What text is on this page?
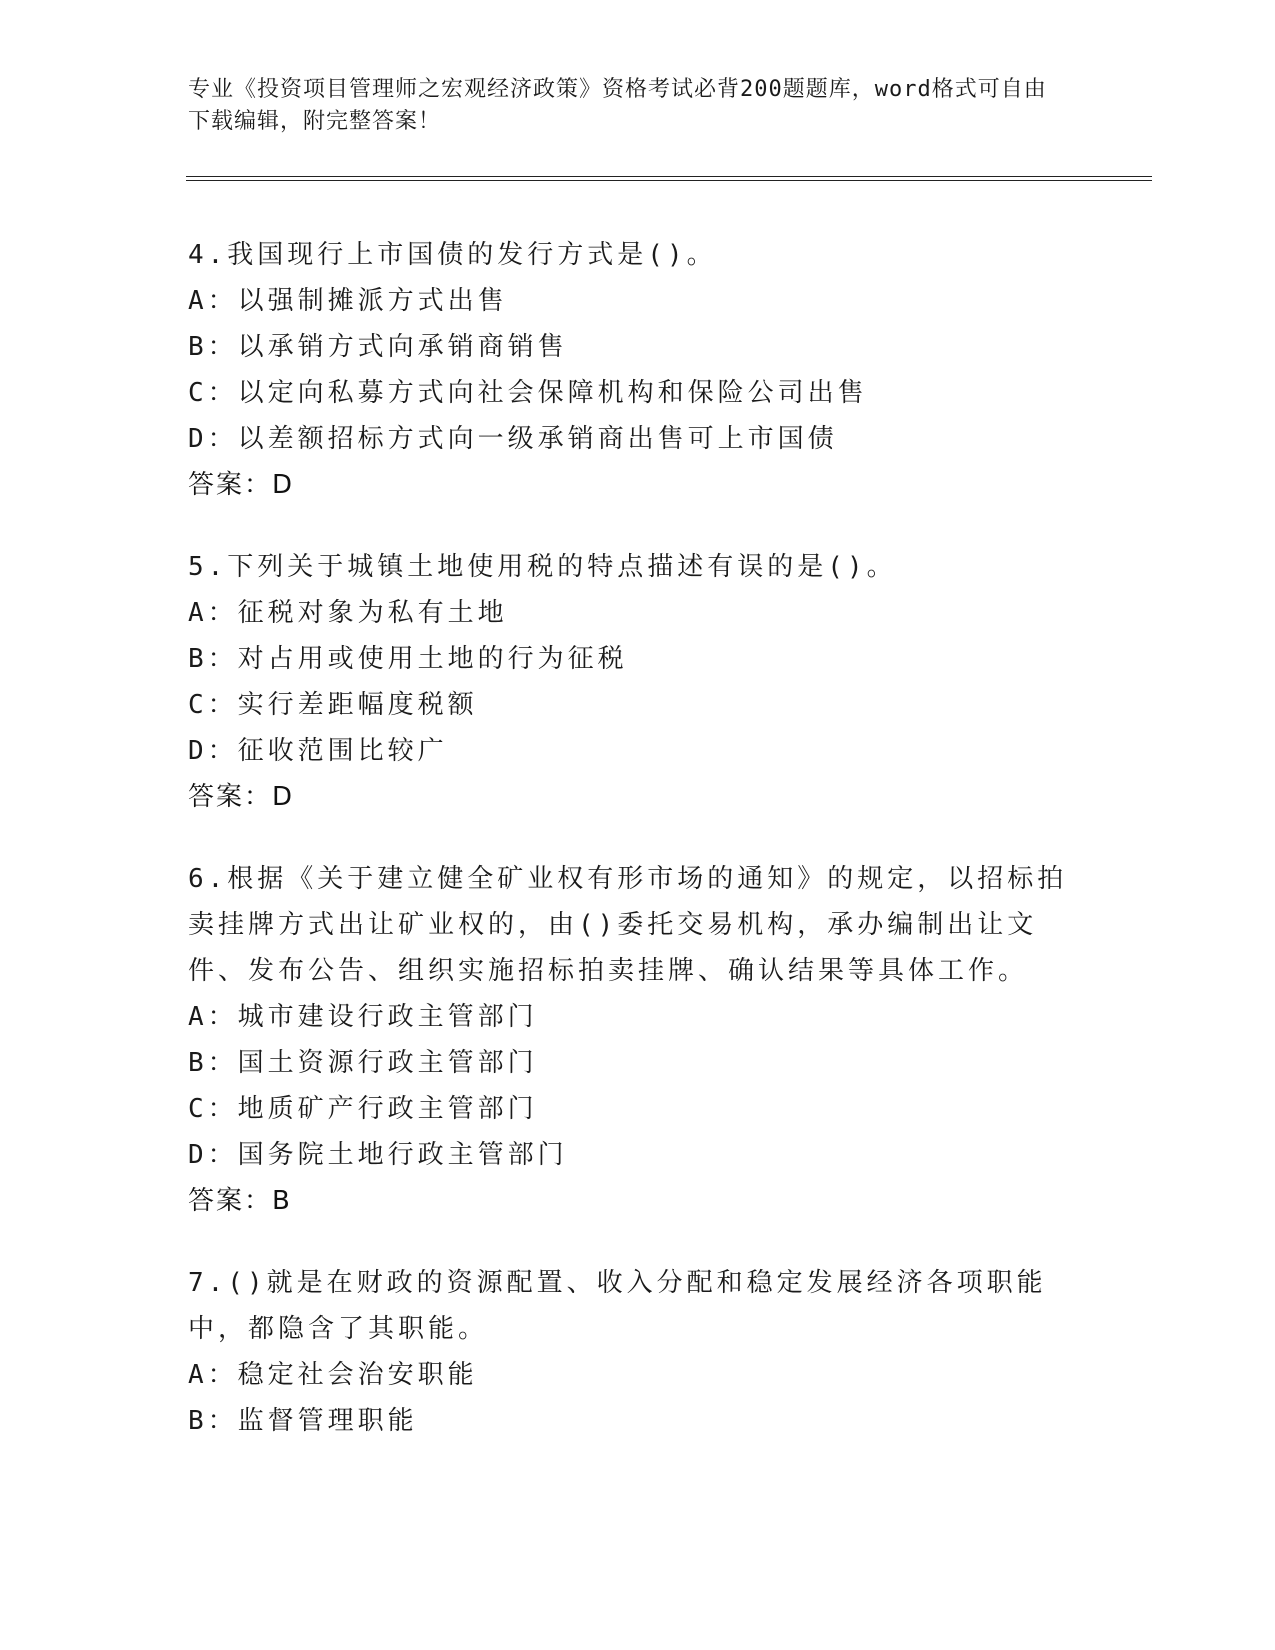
专业《投资项目管理师之宏观经济政策》资格考试必背200题题库，word格式可自由下载编辑，附完整答案！

4.我国现行上市国债的发行方式是()。

A：以强制摊派方式出售

B：以承销方式向承销商销售

C：以定向私募方式向社会保障机构和保险公司出售

D：以差额招标方式向一级承销商出售可上市国债

答案：D

5.下列关于城镇土地使用税的特点描述有误的是()。

A：征税对象为私有土地

B：对占用或使用土地的行为征税

C：实行差距幅度税额

D：征收范围比较广

答案：D

6.根据《关于建立健全矿业权有形市场的通知》的规定，以招标拍卖挂牌方式出让矿业权的，由()委托交易机构，承办编制出让文件、发布公告、组织实施招标拍卖挂牌、确认结果等具体工作。

A：城市建设行政主管部门

B：国土资源行政主管部门

C：地质矿产行政主管部门

D：国务院土地行政主管部门

答案：B

7.()就是在财政的资源配置、收入分配和稳定发展经济各项职能中，都隐含了其职能。

A：稳定社会治安职能

B：监督管理职能
